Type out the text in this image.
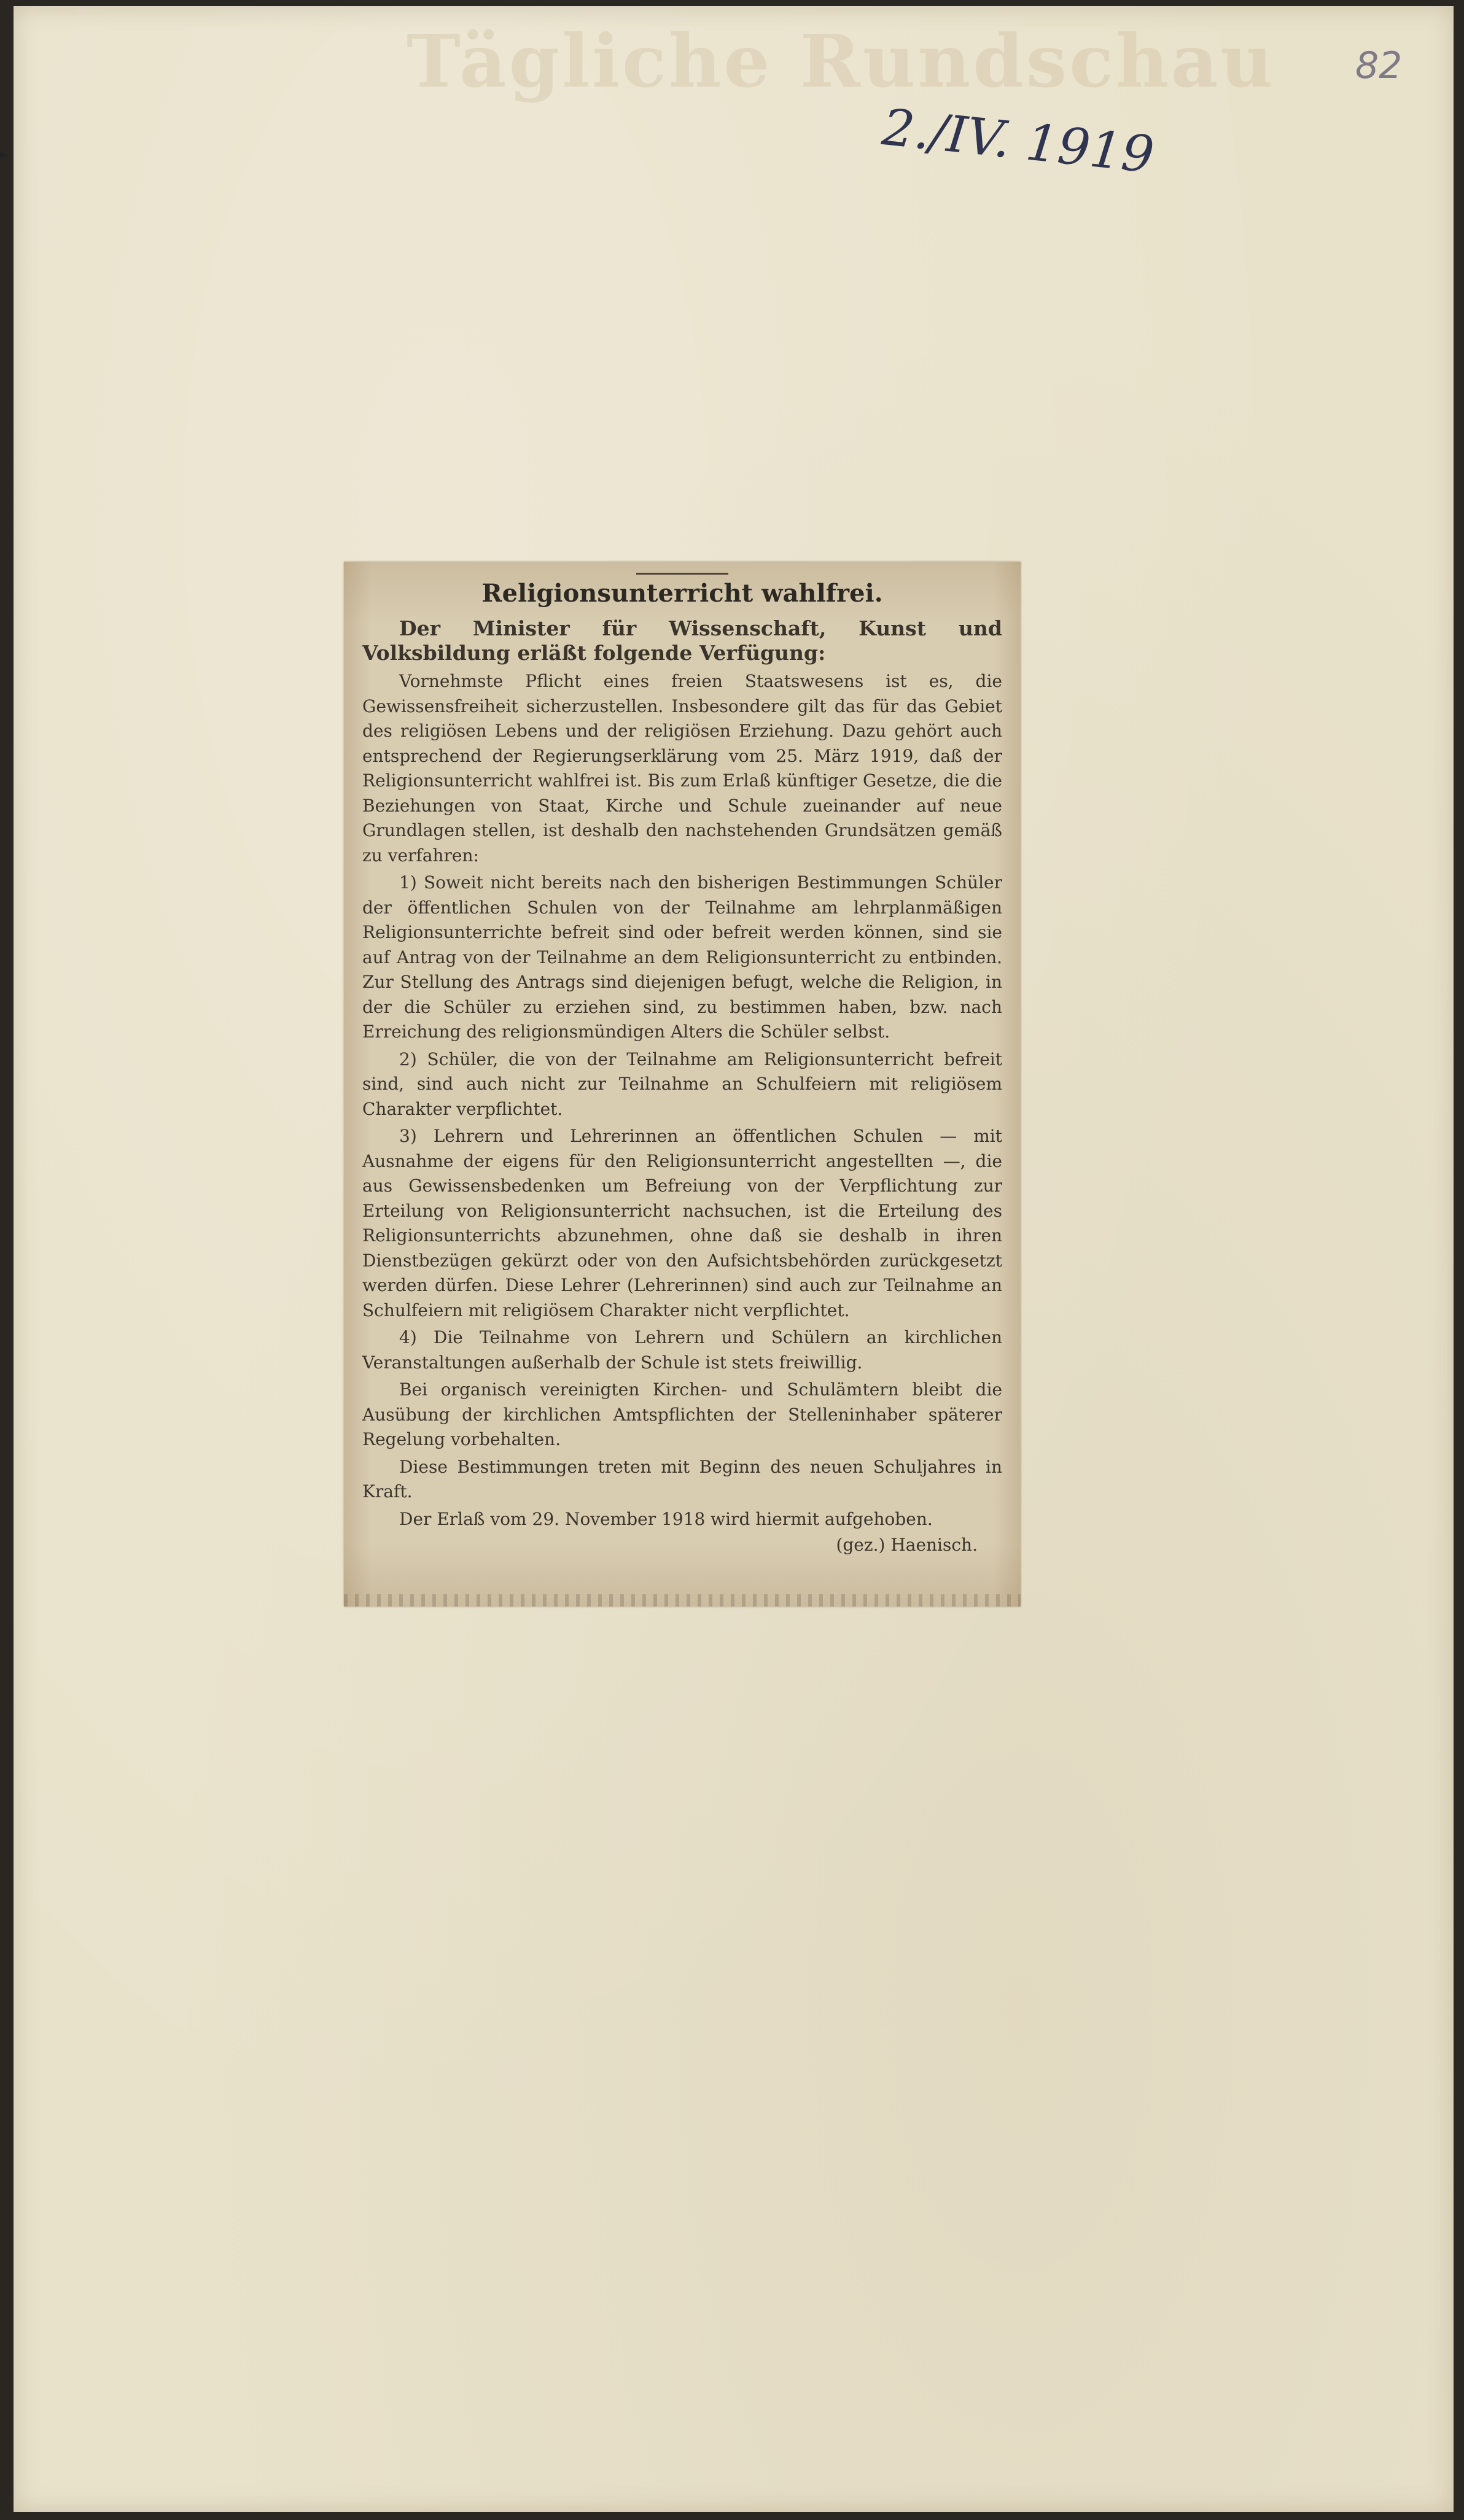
Tägliche Rundschau 82
2./IV. 1919
Religionsunterricht wahlfrei.

Der Minister für Wissenschaft, Kunst und Volksbildung erläßt folgende Verfügung:

Vornehmste Pflicht eines freien Staatswesens ist es, die Gewissensfreiheit sicherzustellen. Insbesondere gilt das für das Gebiet des religiösen Lebens und der religiösen Erziehung. Dazu gehört auch entsprechend der Regierungserklärung vom 25. März 1919, daß der Religionsunterricht wahlfrei ist. Bis zum Erlaß künftiger Gesetze, die die Beziehungen von Staat, Kirche und Schule zueinander auf neue Grundlagen stellen, ist deshalb den nachstehenden Grundsätzen gemäß zu verfahren:

1) Soweit nicht bereits nach den bisherigen Bestimmungen Schüler der öffentlichen Schulen von der Teilnahme am lehrplanmäßigen Religionsunterrichte befreit sind oder befreit werden können, sind sie auf Antrag von der Teilnahme an dem Religionsunterricht zu entbinden. Zur Stellung des Antrags sind diejenigen befugt, welche die Religion, in der die Schüler zu erziehen sind, zu bestimmen haben, bzw. nach Erreichung des religionsmündigen Alters die Schüler selbst.

2) Schüler, die von der Teilnahme am Religionsunterricht befreit sind, sind auch nicht zur Teilnahme an Schulfeiern mit religiösem Charakter verpflichtet.

3) Lehrern und Lehrerinnen an öffentlichen Schulen — mit Ausnahme der eigens für den Religionsunterricht angestellten —, die aus Gewissensbedenken um Befreiung von der Verpflichtung zur Erteilung von Religionsunterricht nachsuchen, ist die Erteilung des Religionsunterrichts abzunehmen, ohne daß sie deshalb in ihren Dienstbezügen gekürzt oder von den Aufsichtsbehörden zurückgesetzt werden dürfen. Diese Lehrer (Lehrerinnen) sind auch zur Teilnahme an Schulfeiern mit religiösem Charakter nicht verpflichtet.

4) Die Teilnahme von Lehrern und Schülern an kirchlichen Veranstaltungen außerhalb der Schule ist stets freiwillig.

Bei organisch vereinigten Kirchen- und Schulämtern bleibt die Ausübung der kirchlichen Amtspflichten der Stelleninhaber späterer Regelung vorbehalten.

Diese Bestimmungen treten mit Beginn des neuen Schuljahres in Kraft.

Der Erlaß vom 29. November 1918 wird hiermit aufgehoben.

(gez.) Haenisch.
